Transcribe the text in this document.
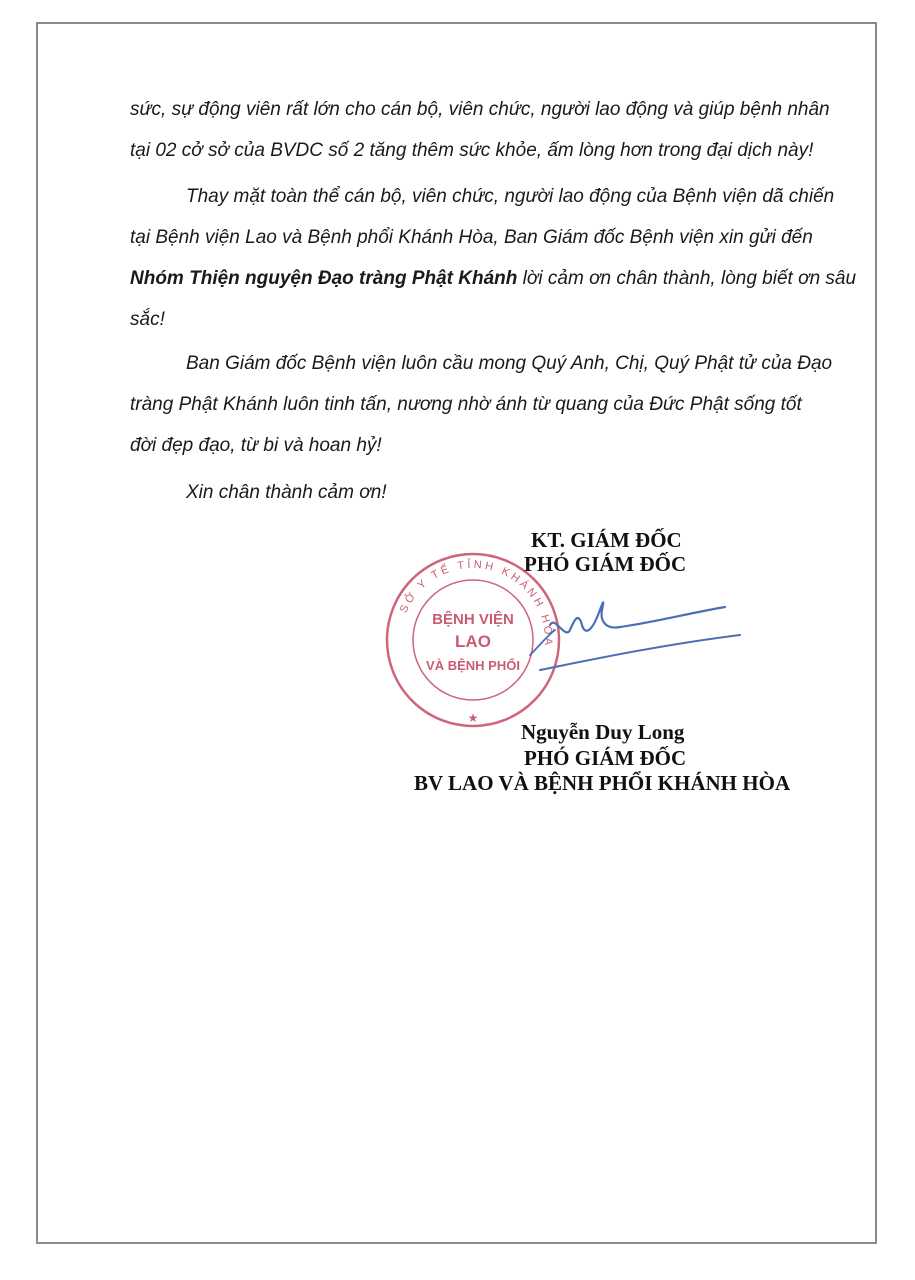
sức, sự động viên rất lớn cho cán bộ, viên chức, người lao động và giúp bệnh nhân
tại 02 cở sở của BVDC số 2 tăng thêm sức khỏe, ấm lòng hơn trong đại dịch này!

Thay mặt toàn thể cán bộ, viên chức, người lao động của Bệnh viện dã chiến
tại Bệnh viện Lao và Bệnh phổi Khánh Hòa, Ban Giám đốc Bệnh viện xin gửi đến
Nhóm Thiện nguyện Đạo tràng Phật Khánh lời cảm ơn chân thành, lòng biết ơn sâu
sắc!

Ban Giám đốc Bệnh viện luôn cầu mong Quý Anh, Chị, Quý Phật tử của Đạo
tràng Phật Khánh luôn tinh tấn, nương nhờ ánh từ quang của Đức Phật sống tốt
đời đẹp đạo, từ bi và hoan hỷ!

Xin chân thành cảm ơn!

SỞ Y TẾ TỈNH KHÁNH HÒA
BỆNH VIỆN
LAO
VÀ BỆNH PHỔI
★
KT. GIÁM ĐỐC
PHÓ GIÁM ĐỐC
Nguyễn Duy Long
PHÓ GIÁM ĐỐC
BV LAO VÀ BỆNH PHỔI KHÁNH HÒA
